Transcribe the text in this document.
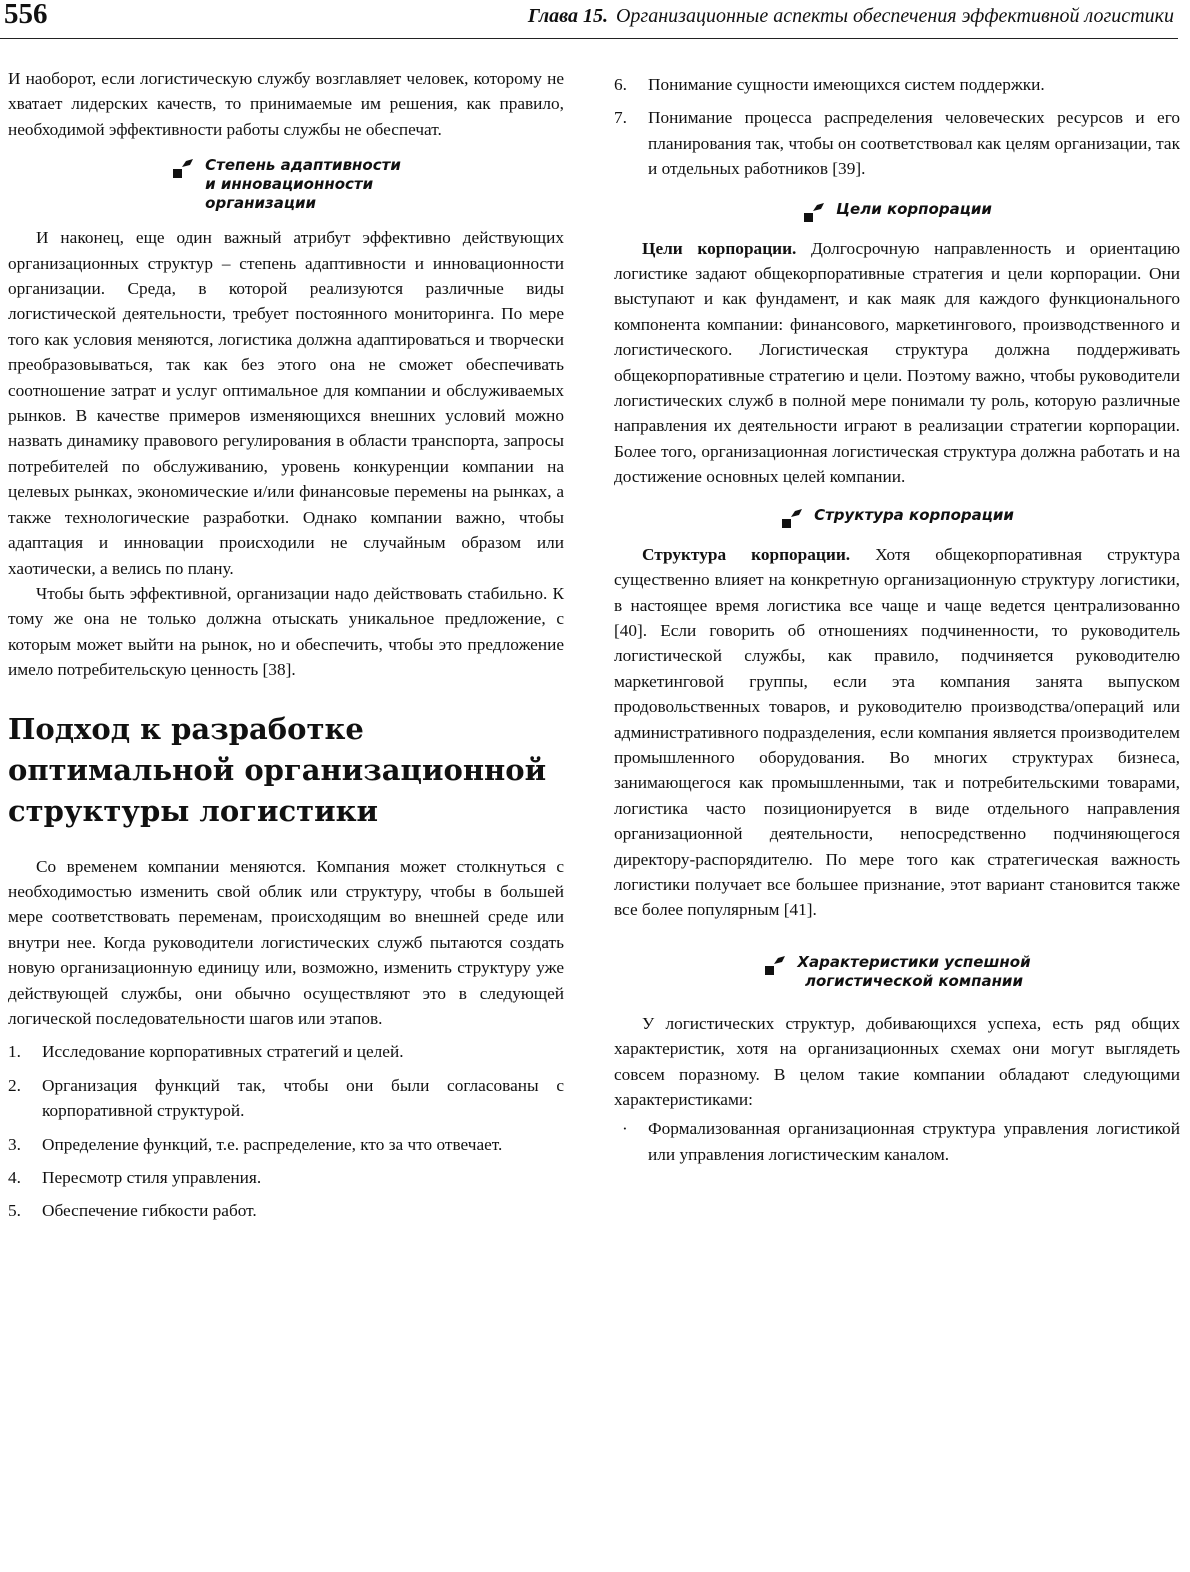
556	Глава 15. Организационные аспекты обеспечения эффективной логистики

И наоборот, если логистическую службу возглавляет человек, которому не хватает лидерских качеств, то принимаемые им решения, как правило, необходимой эффективности работы службы не обеспечат.

Степень адаптивности
и инновационности
организации

И наконец, еще один важный атрибут эффективно действующих организационных структур – степень адаптивности и инновационности организации. Среда, в которой реализуются различные виды логистической деятельности, требует постоянного мониторинга. По мере того как условия меняются, логистика должна адаптироваться и творчески преобразовываться, так как без этого она не сможет обеспечивать соотношение затрат и услуг оптимальное для компании и обслуживаемых рынков. В качестве примеров изменяющихся внешних условий можно назвать динамику правового регулирования в области транспорта, запросы потребителей по обслуживанию, уровень конкуренции компании на целевых рынках, экономические и/или финансовые перемены на рынках, а также технологические разработки. Однако компании важно, чтобы адаптация и инновации происходили не случайным образом или хаотически, а велись по плану.

Чтобы быть эффективной, организации надо действовать стабильно. К тому же она не только должна отыскать уникальное предложение, с которым может выйти на рынок, но и обеспечить, чтобы это предложение имело потребительскую ценность [38].

Подход к разработке
оптимальной организационной
структуры логистики

Со временем компании меняются. Компания может столкнуться с необходимостью изменить свой облик или структуру, чтобы в большей мере соответствовать переменам, происходящим во внешней среде или внутри нее. Когда руководители логистических служб пытаются создать новую организационную единицу или, возможно, изменить структуру уже действующей службы, они обычно осуществляют это в следующей логической последовательности шагов или этапов.

1.	Исследование корпоративных стратегий и целей.
2.	Организация функций так, чтобы они были согласованы с корпоративной структурой.
3.	Определение функций, т.е. распределение, кто за что отвечает.
4.	Пересмотр стиля управления.
5.	Обеспечение гибкости работ.
6.	Понимание сущности имеющихся систем поддержки.
7.	Понимание процесса распределения человеческих ресурсов и его планирования так, чтобы он соответствовал как целям организации, так и отдельных работников [39].
Цели корпорации

Цели корпорации. Долгосрочную направленность и ориентацию логистике задают общекорпоративные стратегия и цели корпорации. Они выступают и как фундамент, и как маяк для каждого функционального компонента компании: финансового, маркетингового, производственного и логистического. Логистическая структура должна поддерживать общекорпоративные стратегию и цели. Поэтому важно, чтобы руководители логистических служб в полной мере понимали ту роль, которую различные направления их деятельности играют в реализации стратегии корпорации. Более того, организационная логистическая структура должна работать и на достижение основных целей компании.

Структура корпорации

Структура корпорации. Хотя общекорпоративная структура существенно влияет на конкретную организационную структуру логистики, в настоящее время логистика все чаще и чаще ведется централизованно [40]. Если говорить об отношениях подчиненности, то руководитель логистической службы, как правило, подчиняется руководителю маркетинговой группы, если эта компания занята выпуском продовольственных товаров, и руководителю производства/операций или административного подразделения, если компания является производителем промышленного оборудования. Во многих структурах бизнеса, занимающегося как промышленными, так и потребительскими товарами, логистика часто позиционируется в виде отдельного направления организационной деятельности, непосредственно подчиняющегося директору-распорядителю. По мере того как стратегическая важность логистики получает все большее признание, этот вариант становится также все более популярным [41].

Характеристики успешной
логистической компании

У логистических структур, добивающихся успеха, есть ряд общих характеристик, хотя на организационных схемах они могут выглядеть совсем поразному. В целом такие компании обладают следующими характеристиками:

·	Формализованная организационная структура управления логистикой или управления логистическим каналом.
